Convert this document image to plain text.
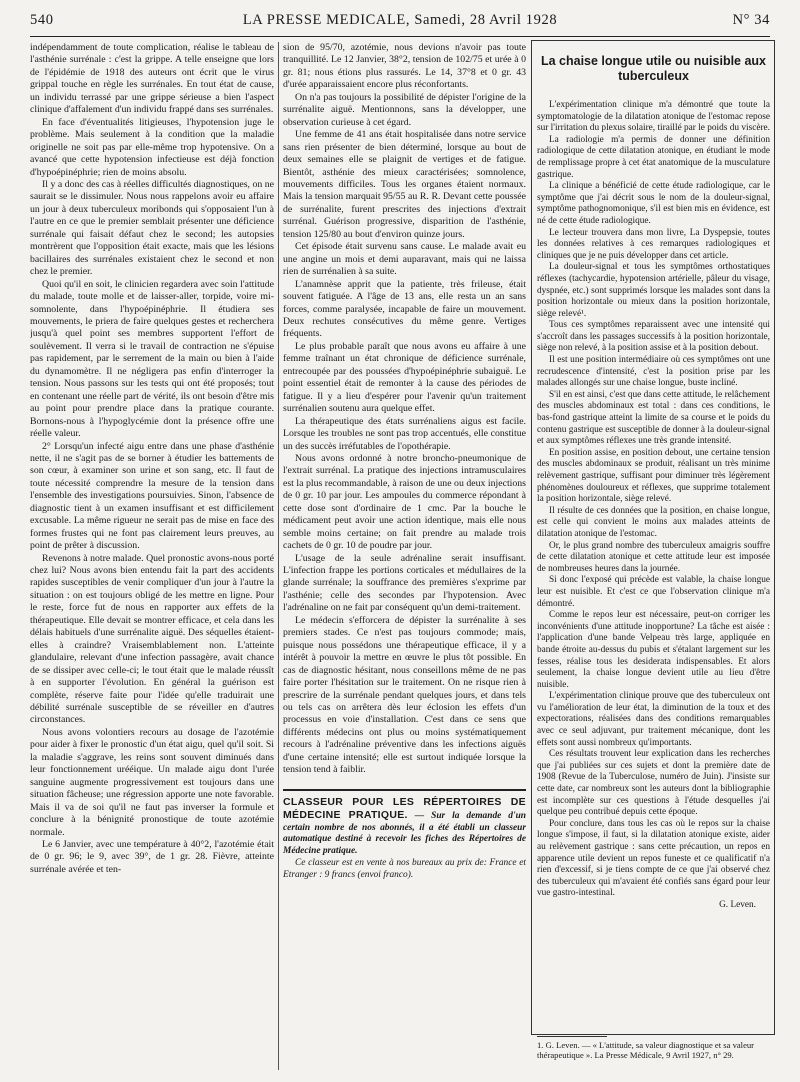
540	LA PRESSE MEDICALE, Samedi, 28 Avril 1928	N° 34

indépendamment de toute complication, réalise le tableau de l'asthénie surrénale : c'est la grippe. A telle enseigne que lors de l'épidémie de 1918 des auteurs ont écrit que le virus grippal touche en règle les surrénales. En tout état de cause, un individu terrassé par une grippe sérieuse a bien l'aspect clinique d'affalement d'un individu frappé dans ses surrénales.

En face d'éventualités litigieuses, l'hypotension juge le problème. Mais seulement à la condition que la maladie originelle ne soit pas par elle-même trop hypotensive. On a avancé que cette hypotension infectieuse est déjà fonction d'hypoépinéphrie; rien de moins absolu.

Il y a donc des cas à réelles difficultés diagnostiques, on ne saurait se le dissimuler. Nous nous rappelons avoir eu affaire un jour à deux tuberculeux moribonds qui s'opposaient l'un à l'autre en ce que le premier semblait présenter une déficience surrénale qui faisait défaut chez le second; les autopsies montrèrent que l'opposition était exacte, mais que les lésions bacillaires des surrénales existaient chez le second et non chez le premier.

Quoi qu'il en soit, le clinicien regardera avec soin l'attitude du malade, toute molle et de laisser-aller, torpide, voire mi-somnolente, dans l'hypoépinéphrie. Il étudiera ses mouvements, le priera de faire quelques gestes et recherchera jusqu'à quel point ses membres supportent l'effort de soulèvement. Il verra si le travail de contraction ne s'épuise pas rapidement, par le serrement de la main ou bien à l'aide du dynamomètre. Il ne négligera pas enfin d'interroger la tension. Nous passons sur les tests qui ont été proposés; tout en contenant une réelle part de vérité, ils ont besoin d'être mis au point pour prendre place dans la pratique courante. Bornons-nous à l'hypoglycémie dont la présence offre une réelle valeur.

2° Lorsqu'un infecté aigu entre dans une phase d'asthénie nette, il ne s'agit pas de se borner à étudier les battements de son cœur, à examiner son urine et son sang, etc. Il faut de toute nécessité comprendre la mesure de la tension dans l'ensemble des investigations poursuivies. Sinon, l'absence de diagnostic tient à un examen insuffisant et est difficilement excusable. La même rigueur ne serait pas de mise en face des formes frustes qui ne font pas clairement leurs preuves, au point de prêter à discussion.

Revenons à notre malade. Quel pronostic avons-nous porté chez lui? Nous avons bien entendu fait la part des accidents rapides susceptibles de venir compliquer d'un jour à l'autre la situation : on est toujours obligé de les mettre en ligne. Pour le reste, force fut de nous en rapporter aux effets de la thérapeutique. Elle devait se montrer efficace, et cela dans les délais habituels d'une surrénalite aiguë. Des séquelles étaient-elles à craindre? Vraisemblablement non. L'atteinte glandulaire, relevant d'une infection passagère, avait chance de se dissiper avec celle-ci; le tout était que le malade réussît à en supporter l'évolution. En général la guérison est complète, réserve faite pour l'idée qu'elle traduirait une débilité surrénale susceptible de se réveiller en d'autres circonstances.

Nous avons volontiers recours au dosage de l'azotémie pour aider à fixer le pronostic d'un état aigu, quel qu'il soit. Si la maladie s'aggrave, les reins sont souvent diminués dans leur fonctionnement urééique. Un malade aigu dont l'urée sanguine augmente progressivement est toujours dans une situation fâcheuse; une régression apporte une note favorable. Mais il va de soi qu'il ne faut pas inverser la formule et conclure à la bénignité pronostique de toute azotémie normale.

Le 6 Janvier, avec une température à 40°2, l'azotémie était de 0 gr. 96; le 9, avec 39°, de 1 gr. 28. Fièvre, atteinte surrénale avérée et ten-

sion de 95/70, azotémie, nous devions n'avoir pas toute tranquillité. Le 12 Janvier, 38°2, tension de 102/75 et urée à 0 gr. 81; nous étions plus rassurés. Le 14, 37°8 et 0 gr. 43 d'urée apparaissaient encore plus réconfortants.

On n'a pas toujours la possibilité de dépister l'origine de la surrénalite aiguë. Mentionnons, sans la développer, une observation curieuse à cet égard.

Une femme de 41 ans était hospitalisée dans notre service sans rien présenter de bien déterminé, lorsque au bout de deux semaines elle se plaignit de vertiges et de fatigue. Bientôt, asthénie des mieux caractérisées; somnolence, mouvements difficiles. Tous les organes étaient normaux. Mais la tension marquait 95/55 au R. R. Devant cette poussée de surrénalite, furent prescrites des injections d'extrait surrénal. Guérison progressive, disparition de l'asthénie, tension 125/80 au bout d'environ quinze jours.

Cet épisode était survenu sans cause. Le malade avait eu une angine un mois et demi auparavant, mais qui ne laissa rien de surrénalien à sa suite.

L'anamnèse apprit que la patiente, très frileuse, était souvent fatiguée. A l'âge de 13 ans, elle resta un an sans forces, comme paralysée, incapable de faire un mouvement. Deux rechutes consécutives du même genre. Vertiges fréquents.

Le plus probable paraît que nous avons eu affaire à une femme traînant un état chronique de déficience surrénale, entrecoupée par des poussées d'hypoépinéphrie subaiguë. Le point essentiel était de remonter à la cause des périodes de fatigue. Il y a lieu d'espérer pour l'avenir qu'un traitement surrénalien soutenu aura quelque effet.

La thérapeutique des états surrénaliens aigus est facile. Lorsque les troubles ne sont pas trop accentués, elle constitue un des succès irréfutables de l'opothérapie.

Nous avons ordonné à notre broncho-pneumonique de l'extrait surrénal. La pratique des injections intramusculaires est la plus recommandable, à raison de une ou deux injections de 0 gr. 10 par jour. Les ampoules du commerce répondant à cette dose sont d'ordinaire de 1 cmc. Par la bouche le médicament peut avoir une action identique, mais elle nous semble moins certaine; on fait prendre au malade trois cachets de 0 gr. 10 de poudre par jour.

L'usage de la seule adrénaline serait insuffisant. L'infection frappe les portions corticales et médullaires de la glande surrénale; la souffrance des premières s'exprime par l'asthénie; celle des secondes par l'hypotension. Avec l'adrénaline on ne fait par conséquent qu'un demi-traitement.

Le médecin s'efforcera de dépister la surrénalite à ses premiers stades. Ce n'est pas toujours commode; mais, puisque nous possédons une thérapeutique efficace, il y a intérêt à pouvoir la mettre en œuvre le plus tôt possible. En cas de diagnostic hésitant, nous conseillons même de ne pas faire porter l'hésitation sur le traitement. On ne risque rien à prescrire de la surrénale pendant quelques jours, et dans tels ou tels cas on arrêtera dès leur éclosion les effets d'un processus en voie d'installation. C'est dans ce sens que différents médecins ont plus ou moins systématiquement recours à l'adrénaline préventive dans les infections aiguës d'une certaine intensité; elle est surtout indiquée lorsque la tension tend à faiblir.

CLASSEUR POUR LES RÉPERTOIRES DE MÉDECINE PRATIQUE. — Sur la demande d'un certain nombre de nos abonnés, il a été établi un classeur automatique destiné à recevoir les fiches des Répertoires de Médecine pratique.

Ce classeur est en vente à nos bureaux au prix de: France et Etranger : 9 francs (envoi franco).

La chaise longue utile ou nuisible aux tuberculeux

L'expérimentation clinique m'a démontré que toute la symptomatologie de la dilatation atonique de l'estomac repose sur l'irritation du plexus solaire, tiraillé par le poids du viscère.

La radiologie m'a permis de donner une définition radiologique de cette dilatation atonique, en étudiant le mode de remplissage propre à cet état anatomique de la musculature gastrique.

La clinique a bénéficié de cette étude radiologique, car le symptôme que j'ai décrit sous le nom de la douleur-signal, symptôme pathognomonique, s'il est bien mis en évidence, est né de cette étude radiologique.

Le lecteur trouvera dans mon livre, La Dyspepsie, toutes les données relatives à ces remarques radiologiques et cliniques que je ne puis développer dans cet article.

La douleur-signal et tous les symptômes orthostatiques réflexes (tachycardie, hypotension artérielle, pâleur du visage, dyspnée, etc.) sont supprimés lorsque les malades sont dans la position horizontale ou mieux dans la position horizontale, siège relevé¹.

Tous ces symptômes reparaissent avec une intensité qui s'accroît dans les passages successifs à la position horizontale, siège non relevé, à la position assise et à la position debout.

Il est une position intermédiaire où ces symptômes ont une recrudescence d'intensité, c'est la position prise par les malades allongés sur une chaise longue, buste incliné.

S'il en est ainsi, c'est que dans cette attitude, le relâchement des muscles abdominaux est total : dans ces conditions, le bas-fond gastrique atteint la limite de sa course et le poids du contenu gastrique est susceptible de donner à la douleur-signal et aux symptômes réflexes une très grande intensité.

En position assise, en position debout, une certaine tension des muscles abdominaux se produit, réalisant un très minime relèvement gastrique, suffisant pour diminuer très légèrement phénomènes douloureux et réflexes, que supprime totalement la position horizontale, siège relevé.

Il résulte de ces données que la position, en chaise longue, est celle qui convient le moins aux malades atteints de dilatation atonique de l'estomac.

Or, le plus grand nombre des tuberculeux amaigris souffre de cette dilatation atonique et cette attitude leur est imposée de nombreuses heures dans la journée.

Si donc l'exposé qui précède est valable, la chaise longue leur est nuisible. Et c'est ce que l'observation clinique m'a démontré.

Comme le repos leur est nécessaire, peut-on corriger les inconvénients d'une attitude inopportune? La tâche est aisée : l'application d'une bande Velpeau très large, appliquée en bande étroite au-dessus du pubis et s'étalant largement sur les fesses, réalise tous les desiderata indispensables. Et alors seulement, la chaise longue devient utile au lieu d'être nuisible.

L'expérimentation clinique prouve que des tuberculeux ont vu l'amélioration de leur état, la diminution de la toux et des expectorations, réalisées dans des conditions remarquables avec ce seul adjuvant, pur traitement mécanique, dont les effets sont aussi nombreux qu'importants.

Ces résultats trouvent leur explication dans les recherches que j'ai publiées sur ces sujets et dont la première date de 1908 (Revue de la Tuberculose, numéro de Juin). J'insiste sur cette date, car nombreux sont les auteurs dont la bibliographie est incomplète sur ces questions à l'étude desquelles j'ai quelque peu contribué depuis cette époque.

Pour conclure, dans tous les cas où le repos sur la chaise longue s'impose, il faut, si la dilatation atonique existe, aider au relèvement gastrique : sans cette précaution, un repos en apparence utile devient un repos funeste et ce qualificatif n'a rien d'excessif, si je tiens compte de ce que j'ai observé chez des tuberculeux qui m'avaient été confiés sans égard pour leur vue gastro-intestinal.

G. Leven.
1. G. Leven. — « L'attitude, sa valeur diagnostique et sa valeur thérapeutique ». La Presse Médicale, 9 Avril 1927, n° 29.
